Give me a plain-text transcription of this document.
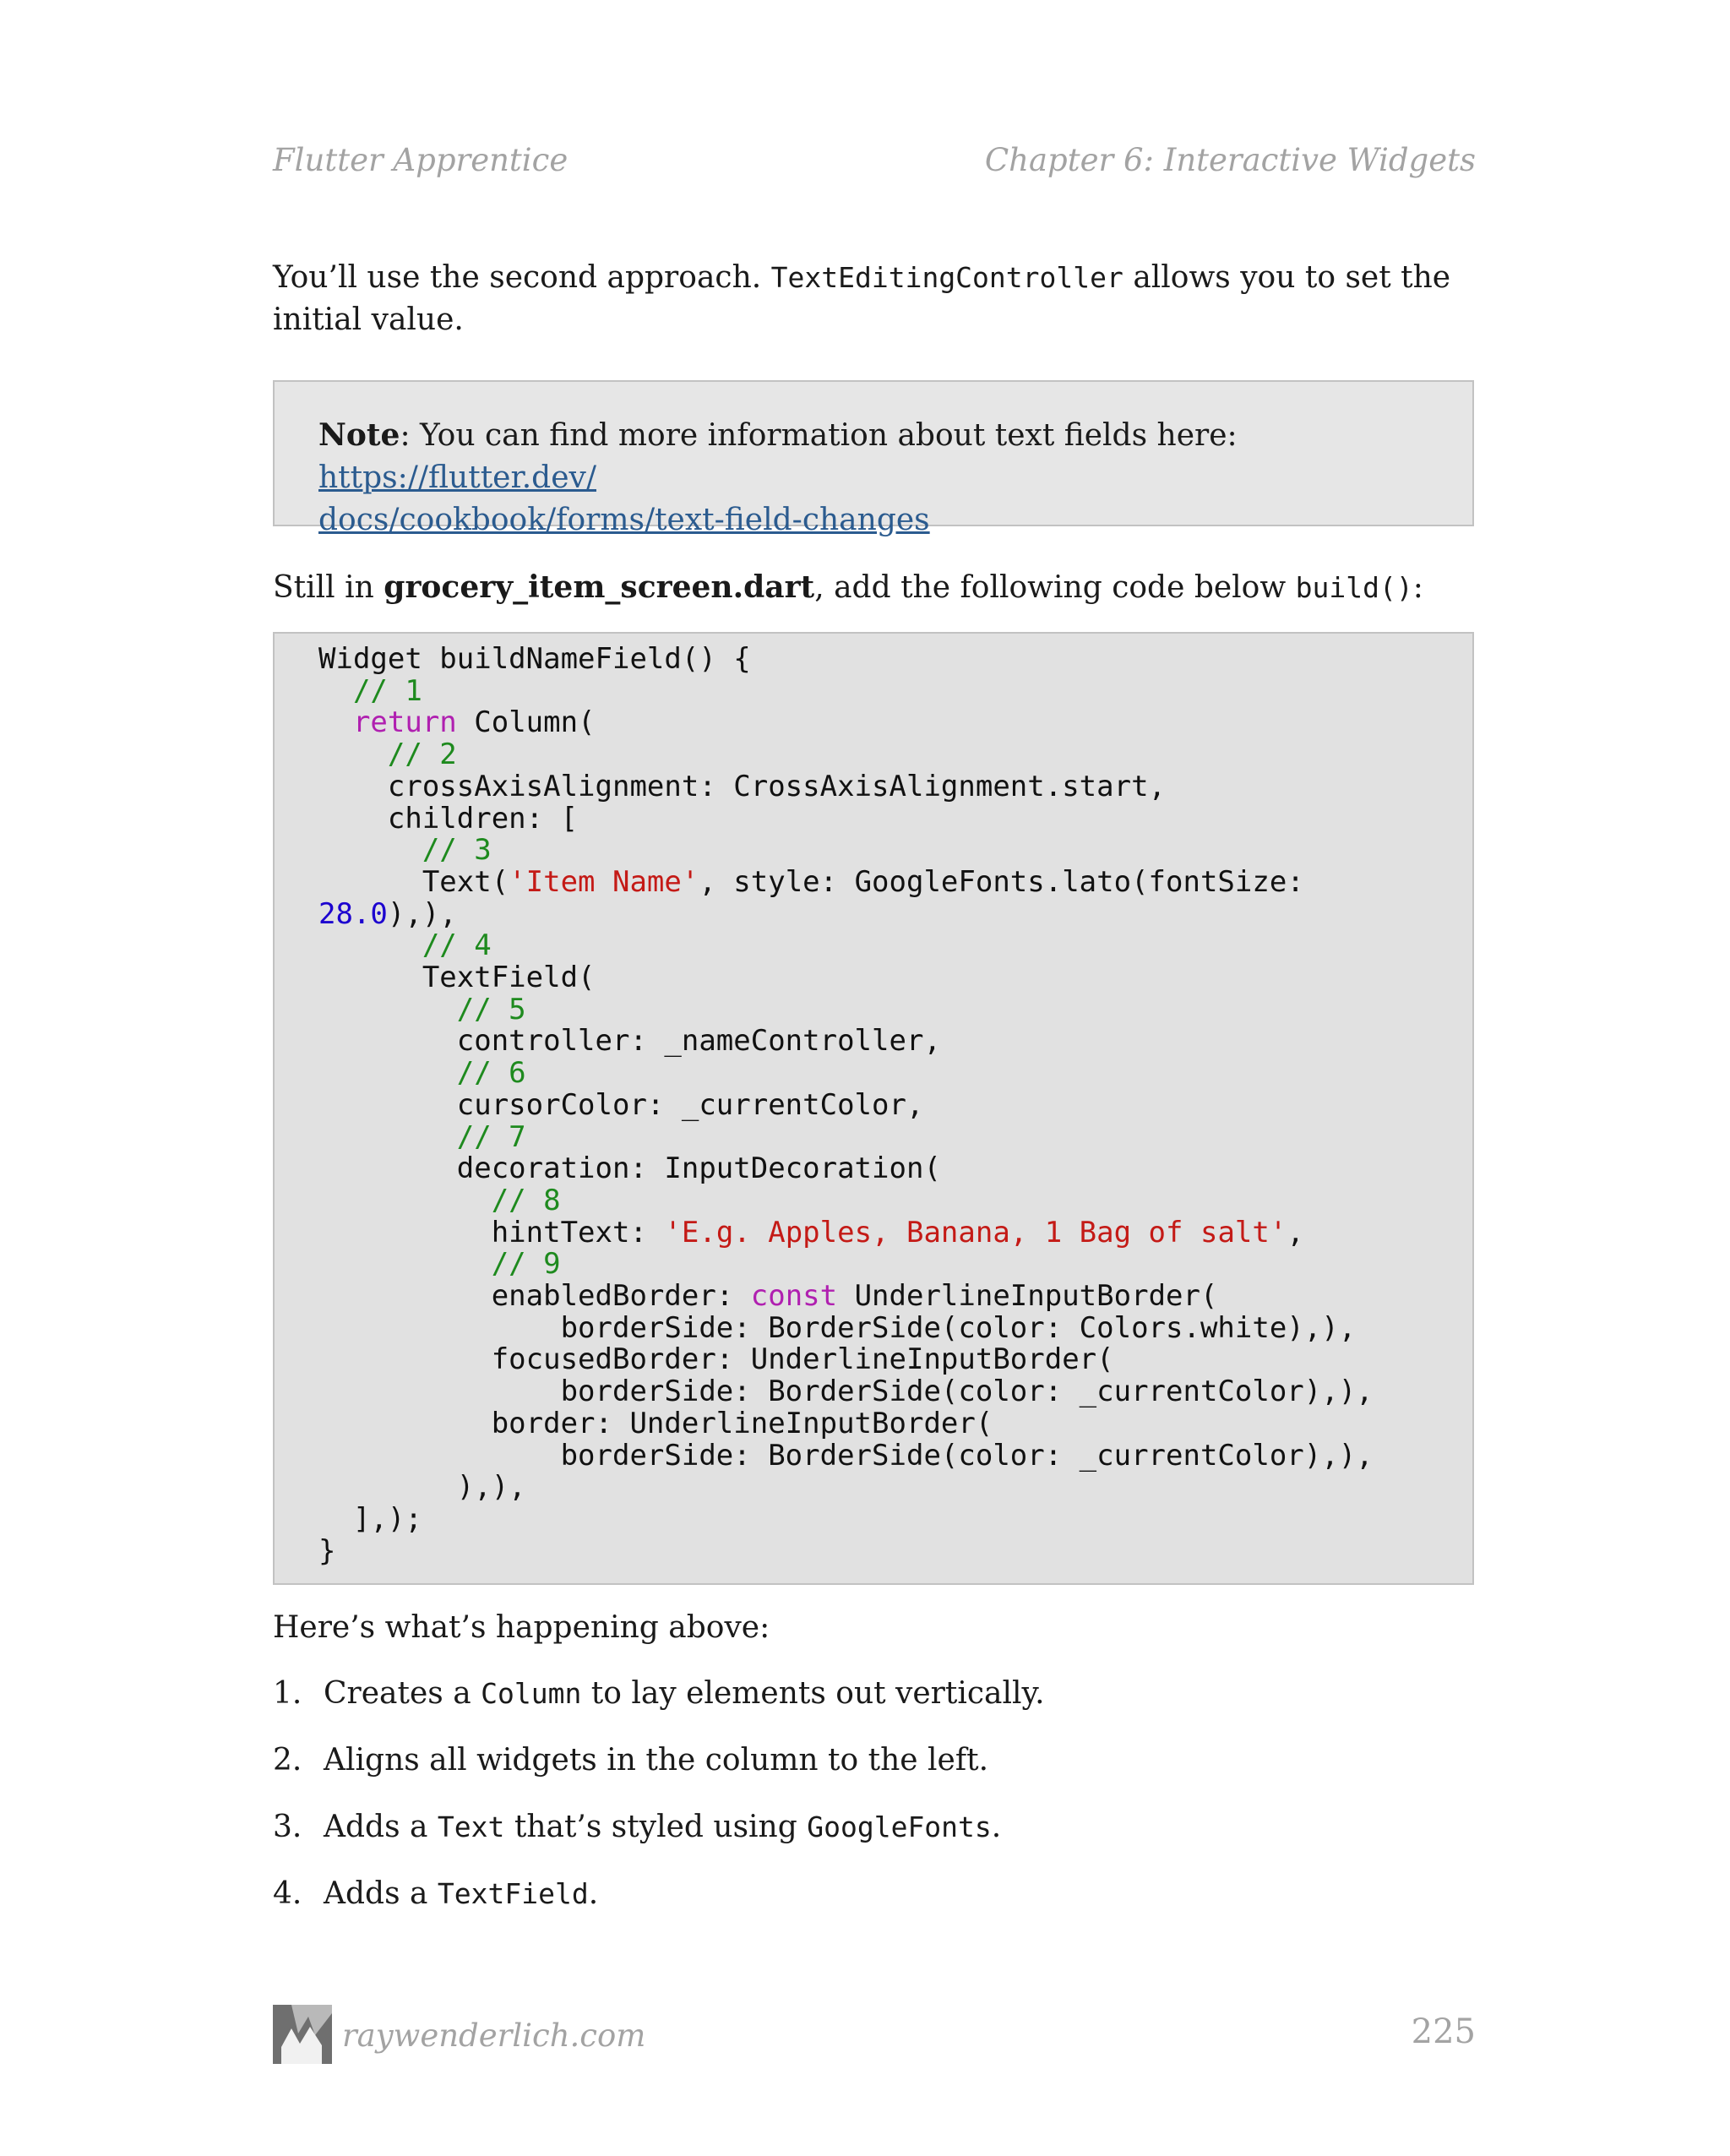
Flutter Apprentice	Chapter 6: Interactive Widgets
You’ll use the second approach. TextEditingController allows you to set the
initial value.
Note: You can find more information about text fields here: https://flutter.dev/
docs/cookbook/forms/text-field-changes
Still in grocery_item_screen.dart, add the following code below build():
Widget buildNameField() {
// 1
return Column(
// 2
crossAxisAlignment: CrossAxisAlignment.start,
children: [
// 3
Text('Item Name', style: GoogleFonts.lato(fontSize:
28.0),),
// 4
TextField(
// 5
controller: _nameController,
// 6
cursorColor: _currentColor,
// 7
decoration: InputDecoration(
// 8
hintText: 'E.g. Apples, Banana, 1 Bag of salt',
// 9
enabledBorder: const UnderlineInputBorder(
borderSide: BorderSide(color: Colors.white),),
focusedBorder: UnderlineInputBorder(
borderSide: BorderSide(color: _currentColor),),
border: UnderlineInputBorder(
borderSide: BorderSide(color: _currentColor),),
),),
],);
}
Here’s what’s happening above:
1. Creates a Column to lay elements out vertically.
2. Aligns all widgets in the column to the left.
3. Adds a Text that’s styled using GoogleFonts.
4. Adds a TextField.
raywenderlich.com	225
